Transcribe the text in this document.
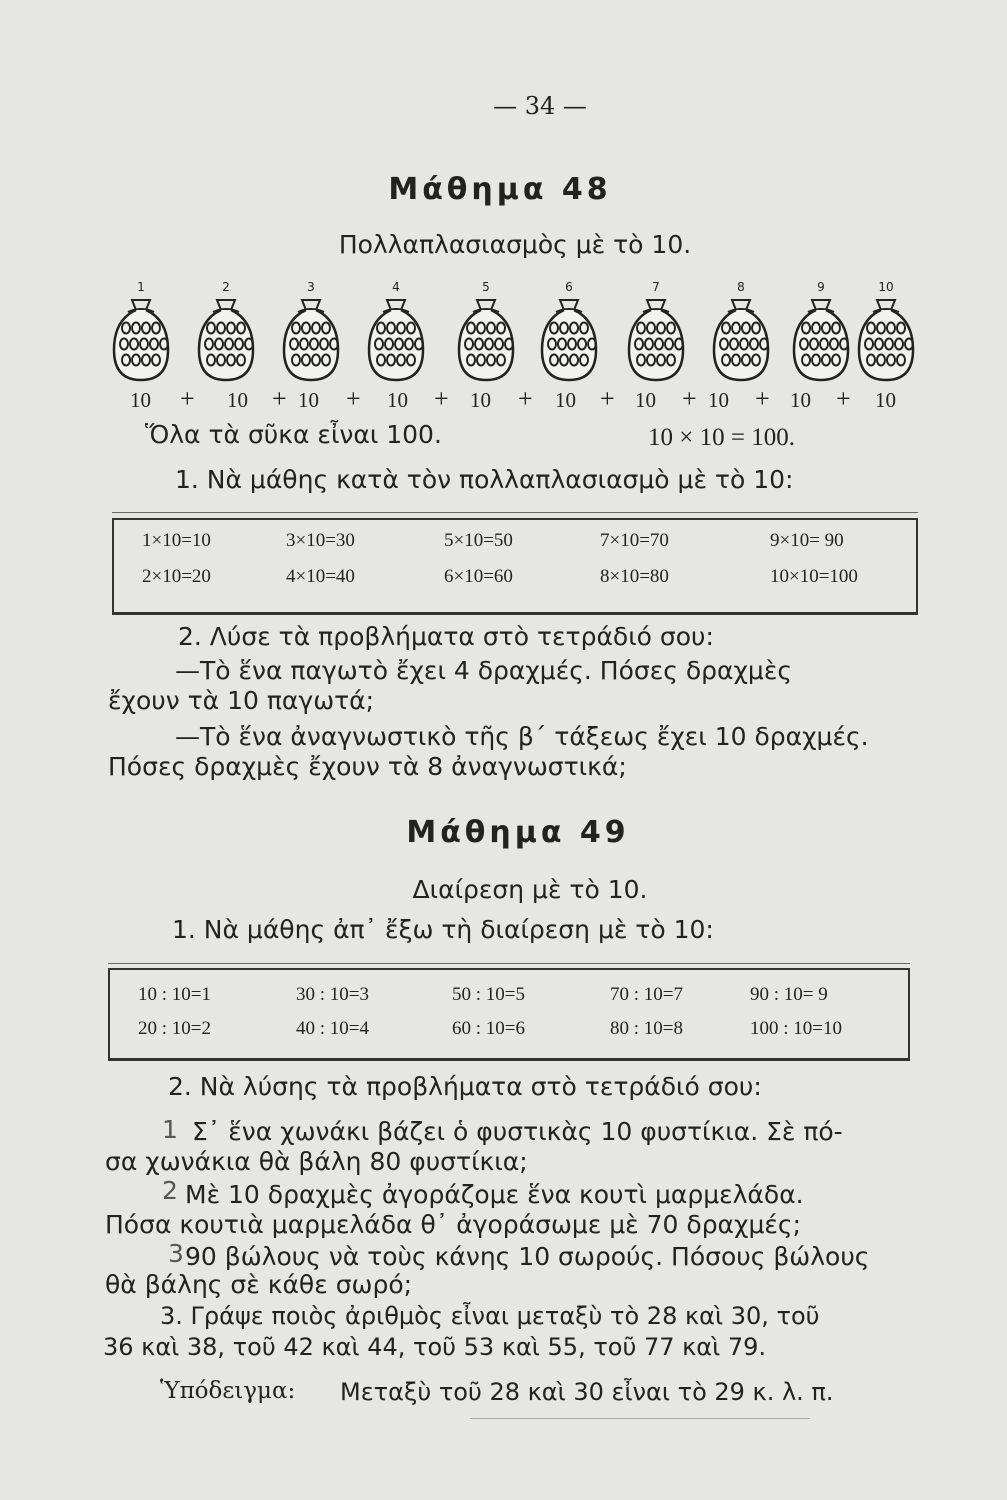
— 34 —
Μάθημα 48
Πολλαπλασιασμὸς μὲ τὸ 10.
1	2	3	4	5	6	7	8	9	10
10 + 10 + 10 + 10 + 10 + 10 + 10 + 10 + 10 + 10
Ὅλα τὰ σῦκα εἶναι 100.	10 × 10 = 100.
1. Νὰ μάθης κατὰ τὸν πολλαπλασιασμὸ μὲ τὸ 10:
1×10=10	3×10=30	5×10=50	7×10=70	9×10= 90
2×10=20	4×10=40	6×10=60	8×10=80	10×10=100
2. Λύσε τὰ προβλήματα στὸ τετράδιό σου:
—Τὸ ἕνα παγωτὸ ἔχει 4 δραχμές. Πόσες δραχμὲς
ἔχουν τὰ 10 παγωτά;
—Τὸ ἕνα ἀναγνωστικὸ τῆς β΄ τάξεως ἔχει 10 δραχμές.
Πόσες δραχμὲς ἔχουν τὰ 8 ἀναγνωστικά;
Μάθημα 49
Διαίρεση μὲ τὸ 10.
1. Νὰ μάθης ἀπ᾿ ἔξω τὴ διαίρεση μὲ τὸ 10:
10 : 10=1	30 : 10=3	50 : 10=5	70 : 10=7	90 : 10= 9
20 : 10=2	40 : 10=4	60 : 10=6	80 : 10=8	100 : 10=10
2. Νὰ λύσης τὰ προβλήματα στὸ τετράδιό σου:
1 Σ᾿ ἕνα χωνάκι βάζει ὁ φυστικὰς 10 φυστίκια. Σὲ πό-
σα χωνάκια θὰ βάλη 80 φυστίκια;
2 Μὲ 10 δραχμὲς ἀγοράζομε ἕνα κουτὶ μαρμελάδα.
Πόσα κουτιὰ μαρμελάδα θ᾿ ἀγοράσωμε μὲ 70 δραχμές;
3 90 βώλους νὰ τοὺς κάνης 10 σωρούς. Πόσους βώλους
θὰ βάλης σὲ κάθε σωρό;
3. Γράψε ποιὸς ἀριθμὸς εἶναι μεταξὺ τὸ 28 καὶ 30, τοῦ
36 καὶ 38, τοῦ 42 καὶ 44, τοῦ 53 καὶ 55, τοῦ 77 καὶ 79.
Ὑπόδειγμα: Μεταξὺ τοῦ 28 καὶ 30 εἶναι τὸ 29 κ. λ. π.
